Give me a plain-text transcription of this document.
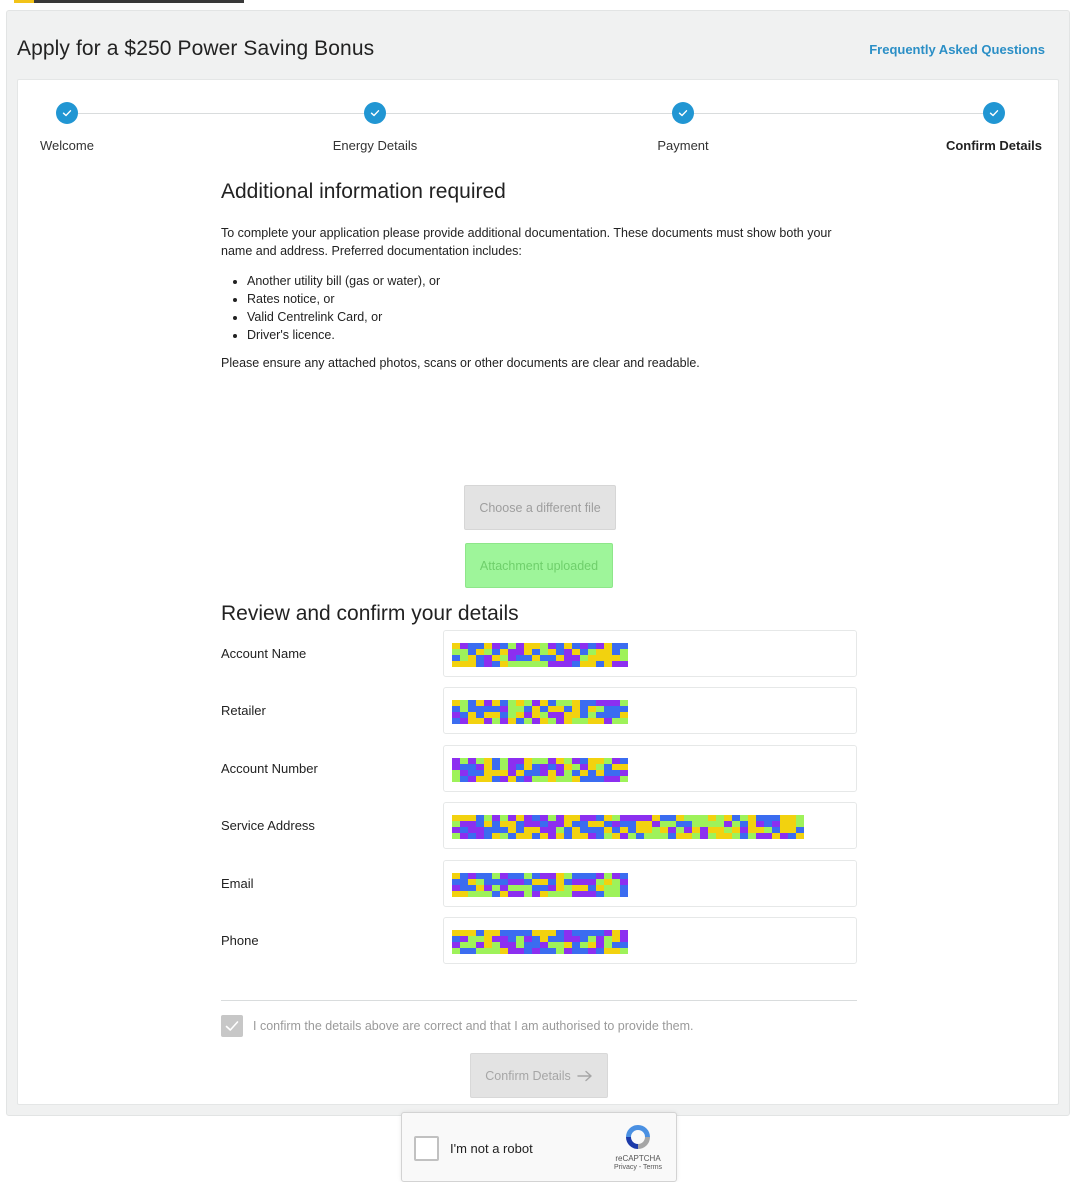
Apply for a $250 Power Saving Bonus	Frequently Asked Questions
Welcome	Energy Details	Payment	Confirm Details
Additional information required

To complete your application please provide additional documentation. These documents must show both your name and address. Preferred documentation includes:

• Another utility bill (gas or water), or
• Rates notice, or
• Valid Centrelink Card, or
• Driver's licence.

Please ensure any attached photos, scans or other documents are clear and readable.

Choose a different file
Attachment uploaded
Review and confirm your details
Account Name
Retailer
Account Number
Service Address
Email
Phone
I confirm the details above are correct and that I am authorised to provide them.
Confirm Details
I'm not a robot
reCAPTCHA
Privacy - Terms
